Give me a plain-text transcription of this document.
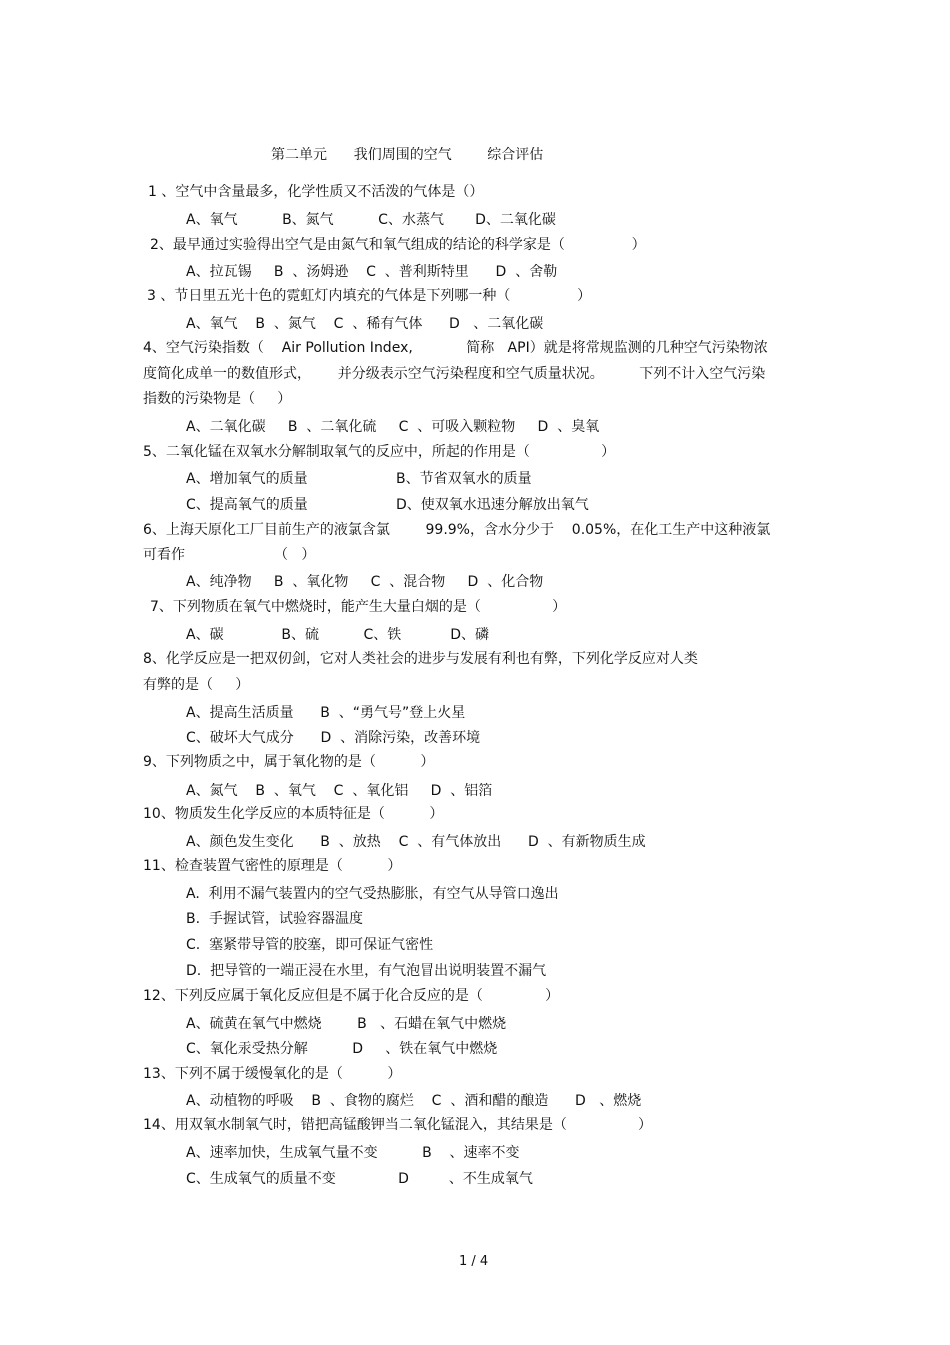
第二单元      我们周围的空气        综合评估
1 、空气中含量最多，化学性质又不活泼的气体是（）
A、氧气          B、氮气          C、水蒸气       D、二氧化碳
2、最早通过实验得出空气是由氮气和氧气组成的结论的科学家是（               ）
A、拉瓦锡     B  、汤姆逊    C  、普利斯特里      D  、舍勒
3 、节日里五光十色的霓虹灯内填充的气体是下列哪一种（               ）
A、氧气    B  、氮气    C  、稀有气体      D   、二氧化碳
4、空气污染指数（    Air Pollution Index,            简称   API）就是将常规监测的几种空气污染物浓
度简化成单一的数值形式，      并分级表示空气污染程度和空气质量状况。        下列不计入空气污染
指数的污染物是（     ）
A、二氧化碳     B  、二氧化硫     C  、可吸入颗粒物     D  、臭氧
5、二氧化锰在双氧水分解制取氧气的反应中，所起的作用是（                ）
A、增加氧气的质量	B、节省双氧水的质量
C、提高氧气的质量	D、使双氧水迅速分解放出氧气
6、上海天原化工厂目前生产的液氯含氯        99.9%，含水分少于    0.05%，在化工生产中这种液氯
可看作                    （   ）
A、纯净物     B  、氧化物     C  、混合物     D  、化合物
7、下列物质在氧气中燃烧时，能产生大量白烟的是（                ）
A、碳             B、硫          C、铁           D、磷
8、化学反应是一把双仞剑，它对人类社会的进步与发展有利也有弊，下列化学反应对人类
有弊的是（     ）
A、提高生活质量      B  、“勇气号”登上火星
C、破坏大气成分      D  、消除污染，改善环境
9、下列物质之中，属于氧化物的是（          ）
A、氮气    B  、氧气    C  、氧化铝     D  、铝箔
10、物质发生化学反应的本质特征是（          ）
A、颜色发生变化      B  、放热    C  、有气体放出      D  、有新物质生成
11、检查装置气密性的原理是（          ）
A.  利用不漏气装置内的空气受热膨胀，有空气从导管口逸出
B.  手握试管，试验容器温度
C.  塞紧带导管的胶塞，即可保证气密性
D.  把导管的一端正浸在水里，有气泡冒出说明装置不漏气
12、下列反应属于氧化反应但是不属于化合反应的是（              ）
A、硫黄在氧气中燃烧        B   、石蜡在氧气中燃烧
C、氧化汞受热分解          D     、铁在氧气中燃烧
13、下列不属于缓慢氧化的是（          ）
A、动植物的呼吸    B  、食物的腐烂    C  、酒和醋的酿造      D   、燃烧
14、用双氧水制氧气时，错把高锰酸钾当二氧化锰混入，其结果是（                ）
A、速率加快，生成氧气量不变          B    、速率不变
C、生成氧气的质量不变              D         、不生成氧气
1 / 4
